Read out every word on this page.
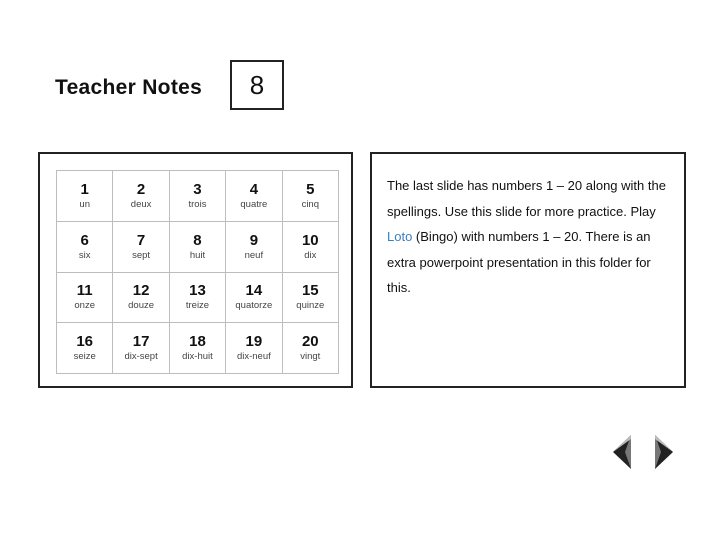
Teacher Notes 8
1
un	2
deux	3
trois	4
quatre	5
cinq

6
six	7
sept	8
huit	9
neuf	10
dix

11
onze	12
douze	13
treize	14
quatorze	15
quinze

16
seize	17
dix-sept	18
dix-huit	19
dix-neuf	20
vingt
The last slide has numbers 1 – 20 along with the spellings. Use this slide for more practice. Play Loto (Bingo) with numbers 1 – 20. There is an extra powerpoint presentation in this folder for this.
